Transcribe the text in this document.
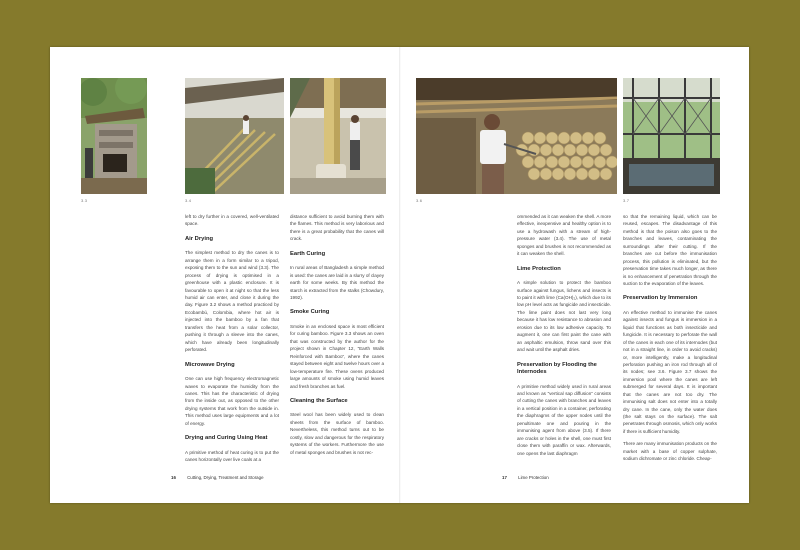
3.3	3.4	3.6	3.7

left to dry further in a covered, well-ventilated space.

Air Drying

The simplest method to dry the canes is to arrange them in a form similar to a tripod, exposing them to the sun and wind (3.3). The process of drying is optimised in a greenhouse with a plastic enclosure. It is favourable to open it at night so that the less humid air can enter, and close it during the day. Figure 3.2 shows a method practiced by Ecobambú, Colombia, where hot air is injected into the bamboo by a fan that transfers the heat from a solar collector, pushing it through a sleeve into the canes, which have already been longitudinally perforated.

Microwave Drying

One can use high frequency electromagnetic waves to evaporate the humidity from the canes. This has the characteristic of drying from the inside out, as opposed to the other drying systems that work from the outside in. This method uses large equipments and a lot of energy.

Drying and Curing Using Heat

A primitive method of heat curing is to put the canes horizontally over live coals at a

distance sufficient to avoid burning them with the flames. This method is very laborious and there is a great probability that the canes will crack.

Earth Curing

In rural areas of Bangladesh a simple method is used: the canes are laid in a slurry of clayey earth for some weeks. By this method the starch is extracted from the stalks (Chowdury, 1992).

Smoke Curing

Smoke in an enclosed space is most efficient for curing bamboo. Figure 3.3 shows an oven that was constructed by the author for the project shown in Chapter 12, “Earth Walls Reinforced with Bamboo”, where the canes stayed between eight and twelve hours over a low-temperature fire. These ovens produced large amounts of smoke using humid leaves and fresh branches as fuel.

Cleaning the Surface

Steel wool has been widely used to clean sheets from the surface of bamboo. Nevertheless, this method turns out to be costly, slow and dangerous for the respiratory systems of the workers. Furthermore the use of metal sponges and brushes is not rec-

ommended as it can weaken the shell. A more effective, inexpensive and healthy option is to use a hydrowash with a stream of high-pressure water (3.4). The use of metal sponges and brushes is not recommended as it can weaken the shell.

Lime Protection

A simple solution to protect the bamboo surface against fungus, lichens and insects is to paint it with lime (Ca(OH)₂), which due to its low pH level acts as fungicide and insecticide. The lime paint does not last very long because it has low resistance to abrasion and erosion due to its low adhesive capacity. To augment it, one can first paint the cane with an asphaltic emulsion, throw sand over this and wait until the asphalt dries.

Preservation by Flooding the Internodes

A primitive method widely used in rural areas and known as “vertical sap diffusion” consists of cutting the canes with branches and leaves in a vertical position in a container, perforating the diaphragms of the upper nodes until the penultimate one and pouring in the immunising agent from above (3.5). If there are cracks or holes in the shell, one must first close them with paraffin or wax. Afterwards, one opens the last diaphragm

so that the remaining liquid, which can be reused, escapes. The disadvantage of this method is that the poison also goes to the branches and leaves, contaminating the surroundings after their cutting. If the branches are cut before the immunisation process, this pollution is eliminated, but the preservation time takes much longer, as there is no enhancement of penetration through the suction to the evaporation of the leaves.

Preservation by Immersion

An effective method to immunise the canes against insects and fungus is immersion in a liquid that functions as both insecticide and fungicide. It is necessary to perforate the wall of the canes in each one of its internodes (but not in a straight line, in order to avoid cracks) or, more intelligently, make a longitudinal perforation pushing an iron rod through all of its nodes; see 3.6. Figure 3.7 shows the immersion pool where the canes are left submerged for several days. It is important that the canes are not too dry. The immunising salt does not enter into a totally dry cane. In the cane, only the water does (the salt stays on the surface). The salt penetrates through osmosis, which only works if there is sufficient humidity.

There are many immunisation products on the market with a base of copper sulphate, sodium dichromate or zinc chloride. Cheap-

16	Cutting, Drying, Treatment and Storage	17	Lime Protection
